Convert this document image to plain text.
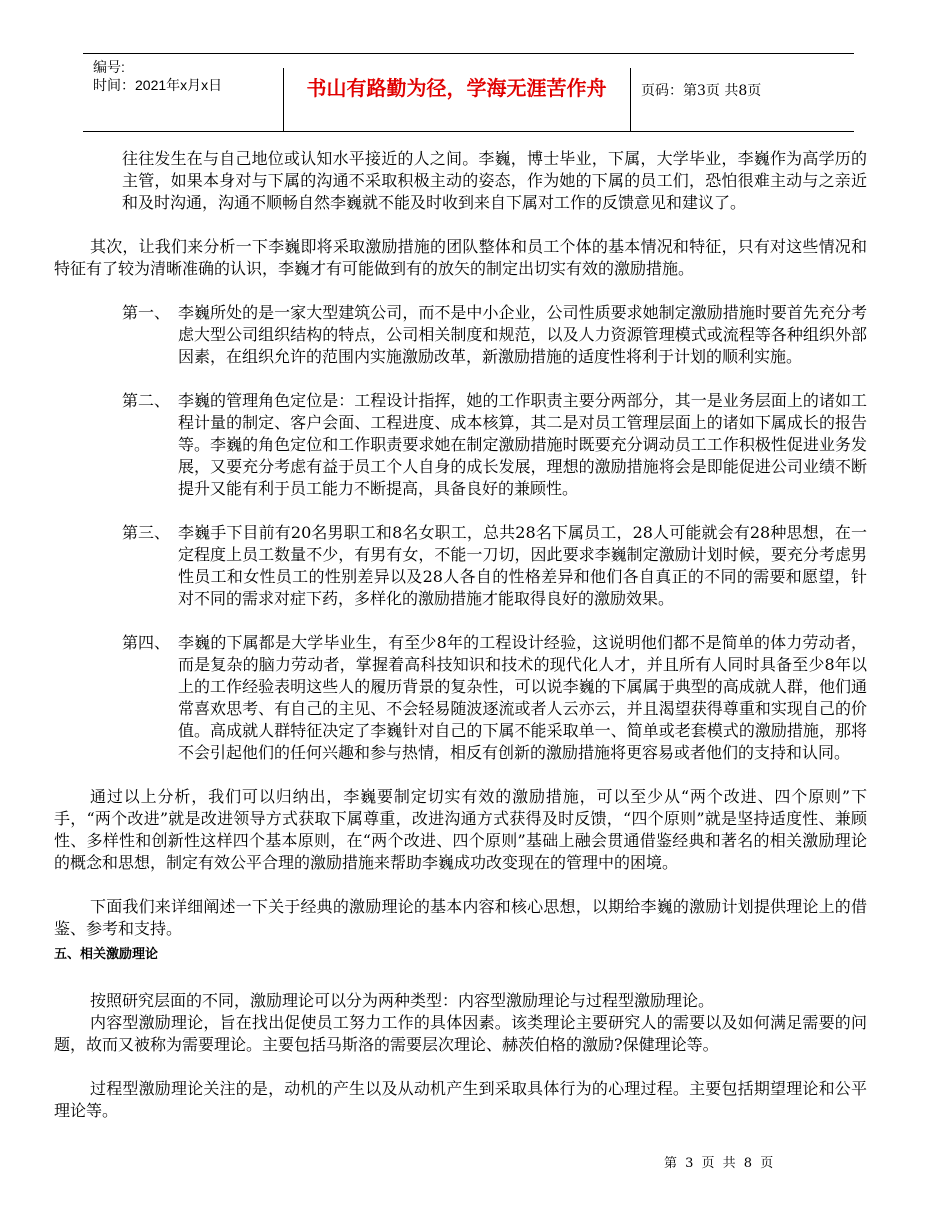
编号:
时间：2021年x月x日	书山有路勤为径，学海无涯苦作舟	页码：第3页 共8页

往往发生在与自己地位或认知水平接近的人之间。李巍，博士毕业，下属，大学毕业，李巍作为高学历的主管，如果本身对与下属的沟通不采取积极主动的姿态，作为她的下属的员工们，恐怕很难主动与之亲近和及时沟通，沟通不顺畅自然李巍就不能及时收到来自下属对工作的反馈意见和建议了。

其次，让我们来分析一下李巍即将采取激励措施的团队整体和员工个体的基本情况和特征，只有对这些情况和特征有了较为清晰准确的认识，李巍才有可能做到有的放矢的制定出切实有效的激励措施。

第一、 李巍所处的是一家大型建筑公司，而不是中小企业，公司性质要求她制定激励措施时要首先充分考虑大型公司组织结构的特点，公司相关制度和规范，以及人力资源管理模式或流程等各种组织外部因素，在组织允许的范围内实施激励改革，新激励措施的适度性将利于计划的顺利实施。

第二、 李巍的管理角色定位是：工程设计指挥，她的工作职责主要分两部分，其一是业务层面上的诸如工程计量的制定、客户会面、工程进度、成本核算，其二是对员工管理层面上的诸如下属成长的报告等。李巍的角色定位和工作职责要求她在制定激励措施时既要充分调动员工工作积极性促进业务发展，又要充分考虑有益于员工个人自身的成长发展，理想的激励措施将会是即能促进公司业绩不断提升又能有利于员工能力不断提高，具备良好的兼顾性。

第三、 李巍手下目前有20名男职工和8名女职工，总共28名下属员工，28人可能就会有28种思想，在一定程度上员工数量不少，有男有女，不能一刀切，因此要求李巍制定激励计划时候，要充分考虑男性员工和女性员工的性别差异以及28人各自的性格差异和他们各自真正的不同的需要和愿望，针对不同的需求对症下药，多样化的激励措施才能取得良好的激励效果。

第四、 李巍的下属都是大学毕业生，有至少8年的工程设计经验，这说明他们都不是简单的体力劳动者，而是复杂的脑力劳动者，掌握着高科技知识和技术的现代化人才，并且所有人同时具备至少8年以上的工作经验表明这些人的履历背景的复杂性，可以说李巍的下属属于典型的高成就人群，他们通常喜欢思考、有自己的主见、不会轻易随波逐流或者人云亦云，并且渴望获得尊重和实现自己的价值。高成就人群特征决定了李巍针对自己的下属不能采取单一、简单或老套模式的激励措施，那将不会引起他们的任何兴趣和参与热情，相反有创新的激励措施将更容易或者他们的支持和认同。

通过以上分析，我们可以归纳出，李巍要制定切实有效的激励措施，可以至少从“两个改进、四个原则”下手，“两个改进”就是改进领导方式获取下属尊重，改进沟通方式获得及时反馈，“四个原则”就是坚持适度性、兼顾性、多样性和创新性这样四个基本原则，在“两个改进、四个原则”基础上融会贯通借鉴经典和著名的相关激励理论的概念和思想，制定有效公平合理的激励措施来帮助李巍成功改变现在的管理中的困境。

下面我们来详细阐述一下关于经典的激励理论的基本内容和核心思想，以期给李巍的激励计划提供理论上的借鉴、参考和支持。

五、相关激励理论

按照研究层面的不同，激励理论可以分为两种类型：内容型激励理论与过程型激励理论。

内容型激励理论，旨在找出促使员工努力工作的具体因素。该类理论主要研究人的需要以及如何满足需要的问题，故而又被称为需要理论。主要包括马斯洛的需要层次理论、赫茨伯格的激励?保健理论等。

过程型激励理论关注的是，动机的产生以及从动机产生到采取具体行为的心理过程。主要包括期望理论和公平理论等。

第 3 页 共 8 页
